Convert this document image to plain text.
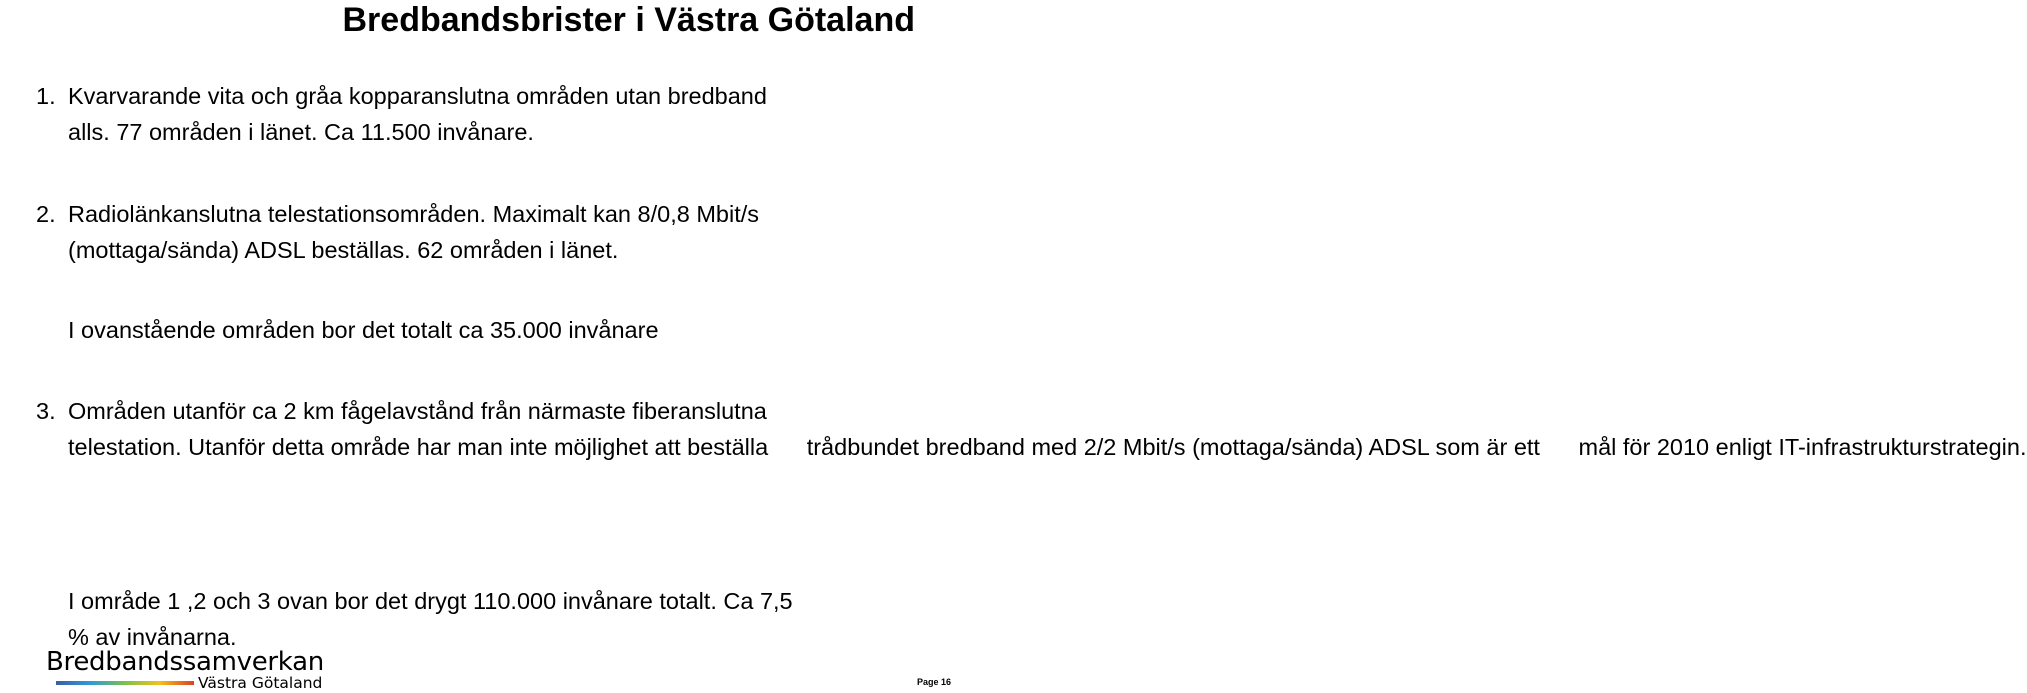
Bredbandsbrister i Västra Götaland
1. Kvarvarande vita och gråa kopparanslutna områden utan bredband
alls. 77 områden i länet. Ca 11.500 invånare.
2. Radiolänkanslutna telestationsområden. Maximalt kan 8/0,8 Mbit/s
(mottaga/sända) ADSL beställas. 62 områden i länet.
I ovanstående områden bor det totalt ca 35.000 invånare
3. Områden utanför ca 2 km fågelavstånd från närmaste fiberanslutna
telestation. Utanför detta område har man inte möjlighet att beställa trådbundet bredband med 2/2 Mbit/s (mottaga/sända) ADSL som är ett mål för 2010 enligt IT-infrastrukturstrategin.
I område 1 ,2 och 3 ovan bor det drygt 110.000 invånare totalt. Ca 7,5
% av invånarna.
Bredbandssamverkan
Västra Götaland	Page 16
